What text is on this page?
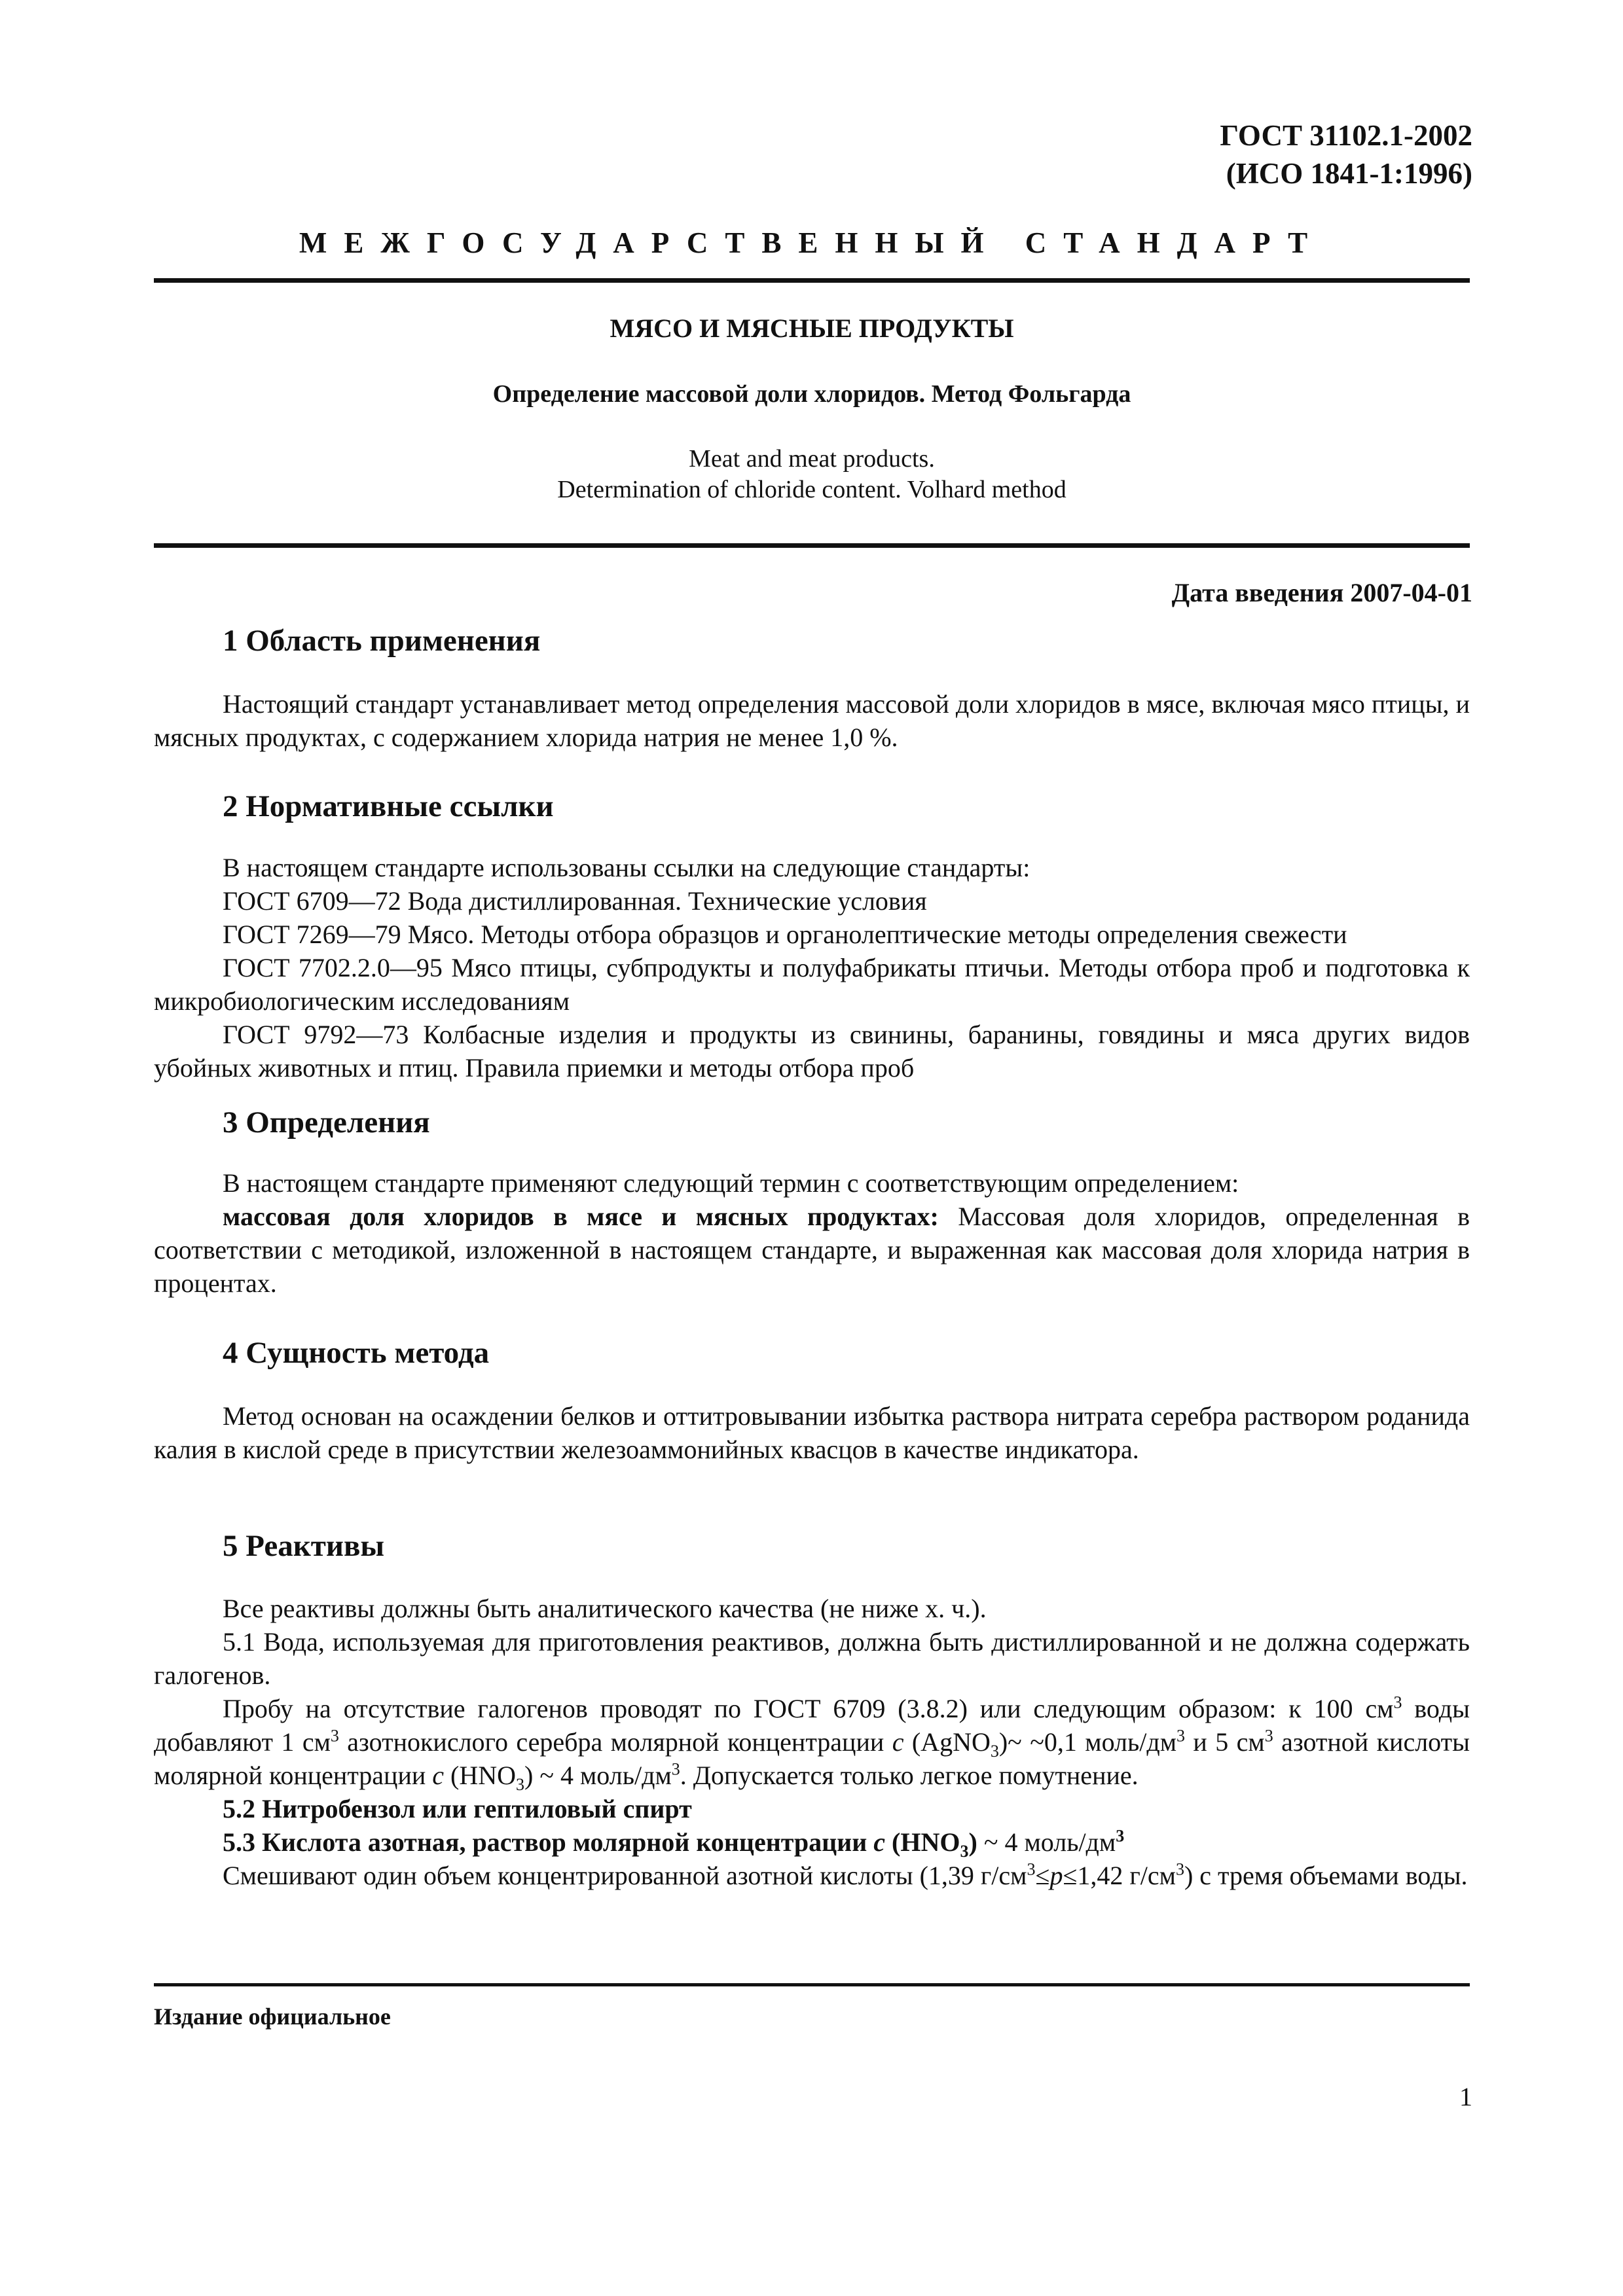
ГОСТ 31102.1-2002
(ИСО 1841-1:1996)
МЕЖГОСУДАРСТВЕННЫЙ СТАНДАРТ
МЯСО И МЯСНЫЕ ПРОДУКТЫ
Определение массовой доли хлоридов. Метод Фольгарда
Meat and meat products.
Determination of chloride content. Volhard method
Дата введения 2007-04-01
1 Область применения

Настоящий стандарт устанавливает метод определения массовой доли хлоридов в мясе, включая мясо птицы, и мясных продуктах, с содержанием хлорида натрия не менее 1,0 %.

2 Нормативные ссылки

В настоящем стандарте использованы ссылки на следующие стандарты:

ГОСТ 6709—72 Вода дистиллированная. Технические условия

ГОСТ 7269—79 Мясо. Методы отбора образцов и органолептические методы определения свежести

ГОСТ 7702.2.0—95 Мясо птицы, субпродукты и полуфабрикаты птичьи. Методы отбора проб и подготовка к микробиологическим исследованиям

ГОСТ 9792—73 Колбасные изделия и продукты из свинины, баранины, говядины и мяса других видов убойных животных и птиц. Правила приемки и методы отбора проб

3 Определения

В настоящем стандарте применяют следующий термин с соответствующим определением:

массовая доля хлоридов в мясе и мясных продуктах: Массовая доля хлоридов, определенная в соответствии с методикой, изложенной в настоящем стандарте, и выраженная как массовая доля хлорида натрия в процентах.

4 Сущность метода

Метод основан на осаждении белков и оттитровывании избытка раствора нитрата серебра раствором роданида калия в кислой среде в присутствии железоаммонийных квасцов в качестве индикатора.

5 Реактивы

Все реактивы должны быть аналитического качества (не ниже х. ч.).

5.1 Вода, используемая для приготовления реактивов, должна быть дистиллированной и не должна содержать галогенов.

Пробу на отсутствие галогенов проводят по ГОСТ 6709 (3.8.2) или следующим образом: к 100 $см^3$ воды добавляют 1 $см^3$ азотнокислого серебра молярной концентрации c (AgNO$_3$)~ ~0,1 моль/$дм^3$ и 5 $см^3$ азотной кислоты молярной концентрации c $(HNO_3)$ ~ 4 моль/$дм^3$. Допускается только легкое помутнение.

5.2 Нитробензол или гептиловый спирт

5.3 Кислота азотная, раствор молярной концентрации c $(HNO_3)$ ~ 4 моль/$дм^3$

Смешивают один объем концентрированной азотной кислоты (1,39 $г/см^3\le p\le 1,42$ $г/см^3$) с тремя объемами воды.

Издание официальное
1
